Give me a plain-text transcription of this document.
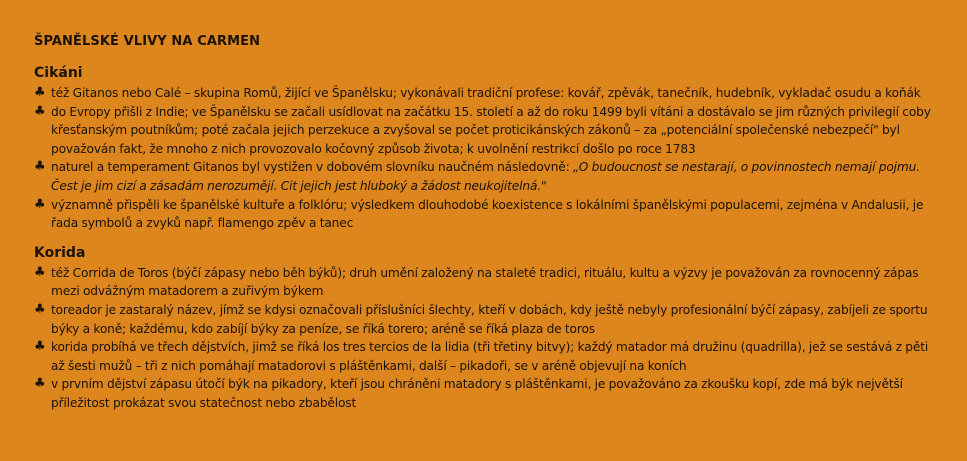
ŠPANĚLSKÉ VLIVY NA CARMEN
Cikáni
♣ též Gitanos nebo Calé – skupina Romů, žijící ve Španělsku; vykonávali tradiční profese: kovář, zpěvák, tanečník, hudebník, vykladač osudu a koňák
♣ do Evropy přišli z Indie; ve Španělsku se začali usídlovat na začátku 15. století a až do roku 1499 byli vítáni a dostávalo se jim různých privilegií coby křesťanským poutníkům; poté začala jejich perzekuce a zvyšoval se počet proticikánských zákonů – za „potenciální společenské nebezpečí" byl považován fakt, že mnoho z nich provozovalo kočovný způsob života; k uvolnění restrikcí došlo po roce 1783
♣ naturel a temperament Gitanos byl vystižen v dobovém slovníku naučném následovně: „O budoucnost se nestarají, o povinnostech nemají pojmu. Čest je jim cizí a zásadám nerozumějí. Cit jejich jest hluboký a žádost neukojitelná."
♣ významně přispěli ke španělské kultuře a folklóru; výsledkem dlouhodobé koexistence s lokálními španělskými populacemi, zejména v Andalusii, je řada symbolů a zvyků např. flamengo zpěv a tanec
Korida
♣ též Corrida de Toros (býčí zápasy nebo běh býků); druh umění založený na staleté tradici, rituálu, kultu a výzvy je považován za rovnocenný zápas mezi odvážným matadorem a zuřivým býkem
♣ toreador je zastaralý název, jímž se kdysi označovali příslušníci šlechty, kteří v dobách, kdy ještě nebyly profesionální býčí zápasy, zabíjeli ze sportu býky a koně; každému, kdo zabíjí býky za peníze, se říká torero; aréně se říká plaza de toros
♣ korida probíhá ve třech dějstvích, jimž se říká los tres tercios de la lidia (tři třetiny bitvy); každý matador má družinu (quadrilla), jež se sestává z pěti až šesti mužů – tři z nich pomáhají matadorovi s pláštěnkami, další – pikadoři, se v aréně objevují na koních
♣ v prvním dějství zápasu útočí býk na pikadory, kteří jsou chráněni matadory s pláštěnkami, je považováno za zkoušku kopí, zde má býk největší příležitost prokázat svou statečnost nebo zbabělost
